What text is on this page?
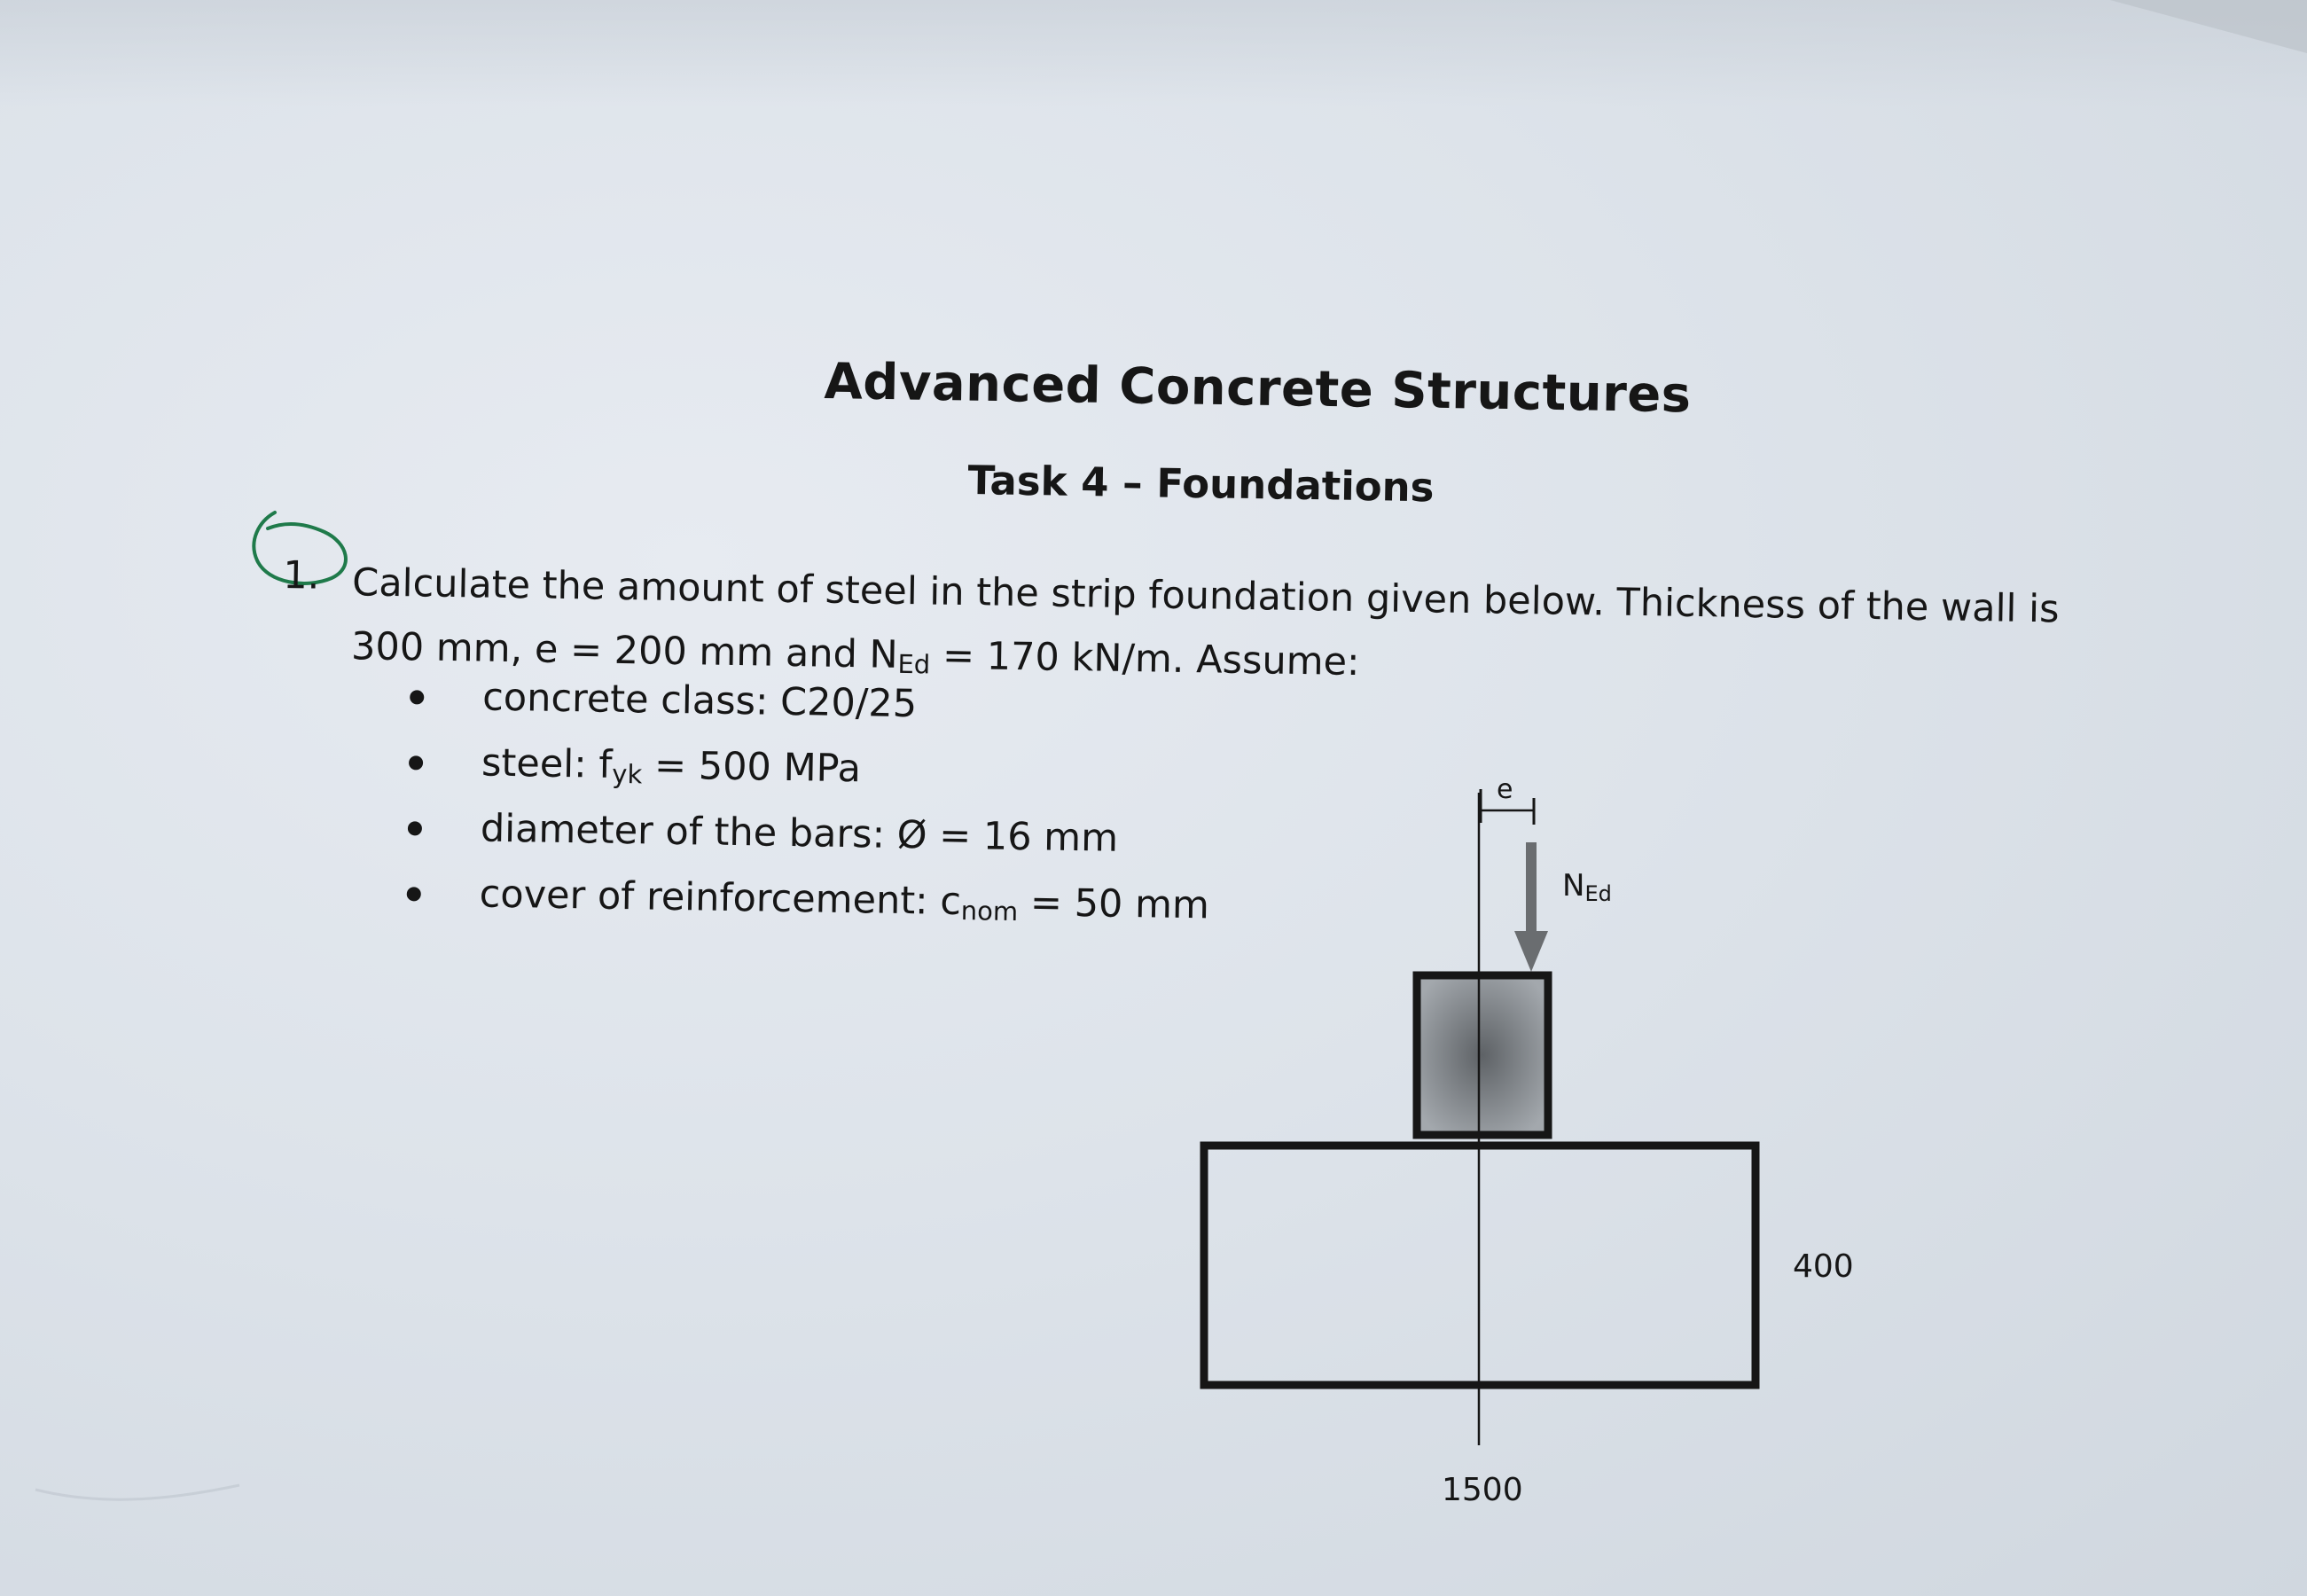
Advanced Concrete Structures
Task 4 – Foundations
1. Calculate the amount of steel in the strip foundation given below. Thickness of the wall is
300 mm, e = 200 mm and $N_{Ed} = 170$ kN/m. Assume:
concrete class: C20/25
steel: $f_{yk} = 500$ MPa
diameter of the bars: Ø = 16 mm
cover of reinforcement: $c_{nom} = 50$ mm
e
NEd
400
1500
